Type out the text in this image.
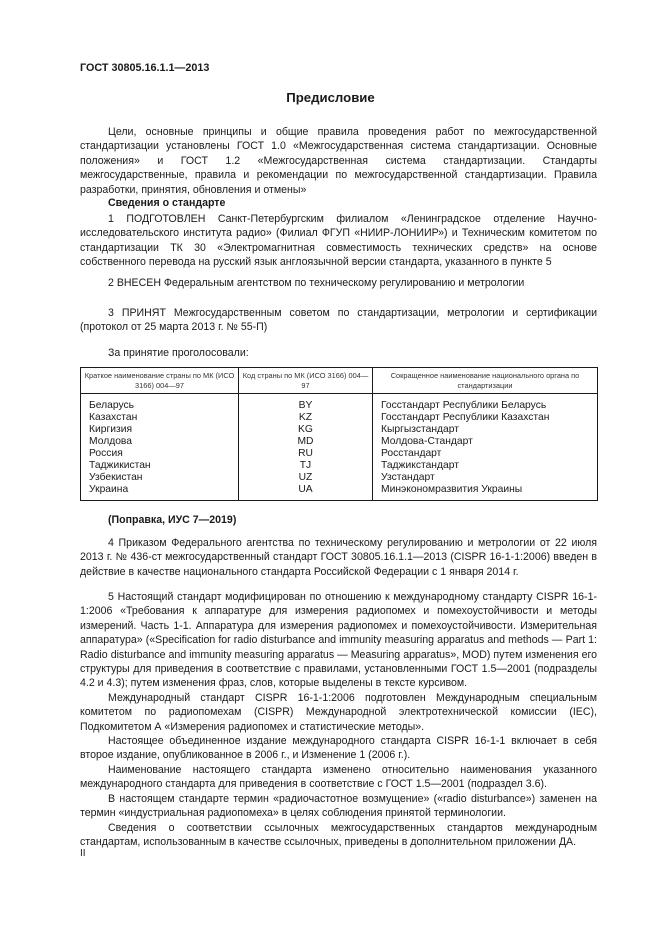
ГОСТ 30805.16.1.1—2013
Предисловие

Цели, основные принципы и общие правила проведения работ по межгосударственной стандартизации установлены ГОСТ 1.0 «Межгосударственная система стандартизации. Основные положения» и ГОСТ 1.2 «Межгосударственная система стандартизации. Стандарты межгосударственные, правила и рекомендации по межгосударственной стандартизации. Правила разработки, принятия, обновления и отмены»

Сведения о стандарте

1 ПОДГОТОВЛЕН Санкт-Петербургским филиалом «Ленинградское отделение Научно-исследовательского института радио» (Филиал ФГУП «НИИР-ЛОНИИР») и Техническим комитетом по стандартизации ТК 30 «Электромагнитная совместимость технических средств» на основе собственного перевода на русский язык англоязычной версии стандарта, указанного в пункте 5

2 ВНЕСЕН Федеральным агентством по техническому регулированию и метрологии

3 ПРИНЯТ Межгосударственным советом по стандартизации, метрологии и сертификации (протокол от 25 марта 2013 г. № 55-П)

За принятие проголосовали:

Краткое наименование страны по МК (ИСО 3166) 004—97	Код страны по МК (ИСО 3166) 004—97	Сокращенное наименование национального органа по стандартизации
Беларусь	BY	Госстандарт Республики Беларусь
Казахстан	KZ	Госстандарт Республики Казахстан
Киргизия	KG	Кыргызстандарт
Молдова	MD	Молдова-Стандарт
Россия	RU	Росстандарт
Таджикистан	TJ	Таджикстандарт
Узбекистан	UZ	Узстандарт
Украина	UA	Минэкономразвития Украины

(Поправка, ИУС 7—2019)

4 Приказом Федерального агентства по техническому регулированию и метрологии от 22 июля 2013 г. № 436-ст межгосударственный стандарт ГОСТ 30805.16.1.1—2013 (CISPR 16-1-1:2006) введен в действие в качестве национального стандарта Российской Федерации с 1 января 2014 г.

5 Настоящий стандарт модифицирован по отношению к международному стандарту CISPR 16-1-1:2006 «Требования к аппаратуре для измерения радиопомех и помехоустойчивости и методы измерений. Часть 1-1. Аппаратура для измерения радиопомех и помехоустойчивости. Измерительная аппаратура» («Specification for radio disturbance and immunity measuring apparatus and methods — Part 1: Radio disturbance and immunity measuring apparatus — Measuring apparatus», MOD) путем изменения его структуры для приведения в соответствие с правилами, установленными ГОСТ 1.5—2001 (подразделы 4.2 и 4.3); путем изменения фраз, слов, которые выделены в тексте курсивом.

Международный стандарт CISPR 16-1-1:2006 подготовлен Международным специальным комитетом по радиопомехам (CISPR) Международной электротехнической комиссии (IEC), Подкомитетом А «Измерения радиопомех и статистические методы».

Настоящее объединенное издание международного стандарта CISPR 16-1-1 включает в себя второе издание, опубликованное в 2006 г., и Изменение 1 (2006 г.).

Наименование настоящего стандарта изменено относительно наименования указанного международного стандарта для приведения в соответствие с ГОСТ 1.5—2001 (подраздел 3.6).

В настоящем стандарте термин «радиочастотное возмущение» («radio disturbance») заменен на термин «индустриальная радиопомеха» в целях соблюдения принятой терминологии.

Сведения о соответствии ссылочных межгосударственных стандартов международным стандартам, использованным в качестве ссылочных, приведены в дополнительном приложении ДА.

II
